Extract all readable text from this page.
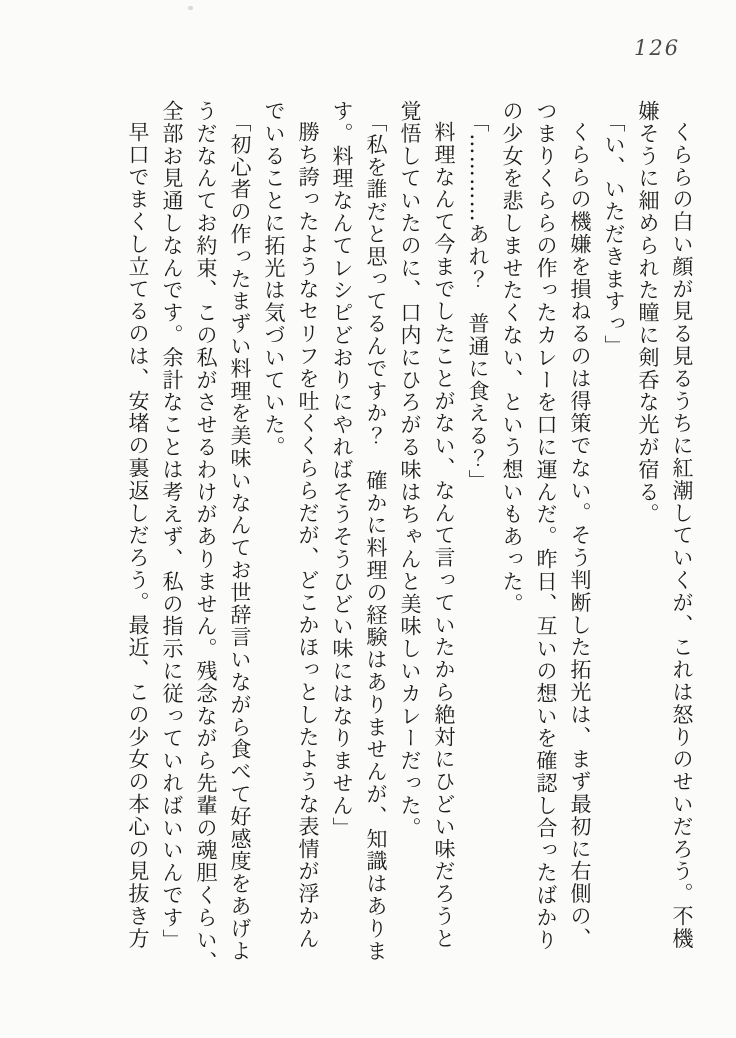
126

くららの白い顔が見る見るうちに紅潮していくが、これは怒りのせいだろう。不機

嫌そうに細められた瞳に剣呑な光が宿る。

「い、いただきますっ」

くららの機嫌を損ねるのは得策でない。そう判断した拓光は、まず最初に右側の、

つまりくららの作ったカレーを口に運んだ。昨日、互いの想いを確認し合ったばかり

の少女を悲しませたくない、という想いもあった。

「…………あれ？　普通に食える？」

料理なんて今までしたことがない、なんて言っていたから絶対にひどい味だろうと

覚悟していたのに、口内にひろがる味はちゃんと美味しいカレーだった。

「私を誰だと思ってるんですか？　確かに料理の経験はありませんが、知識はありま

す。料理なんてレシピどおりにやればそうそうひどい味にはなりません」

勝ち誇ったようなセリフを吐くくららだが、どこかほっとしたような表情が浮かん

でいることに拓光は気づいていた。

「初心者の作ったまずい料理を美味いなんてお世辞言いながら食べて好感度をあげよ

うだなんてお約束、この私がさせるわけがありません。残念ながら先輩の魂胆くらい、

全部お見通しなんです。余計なことは考えず、私の指示に従っていればいいんです」

早口でまくし立てるのは、安堵の裏返しだろう。最近、この少女の本心の見抜き方
